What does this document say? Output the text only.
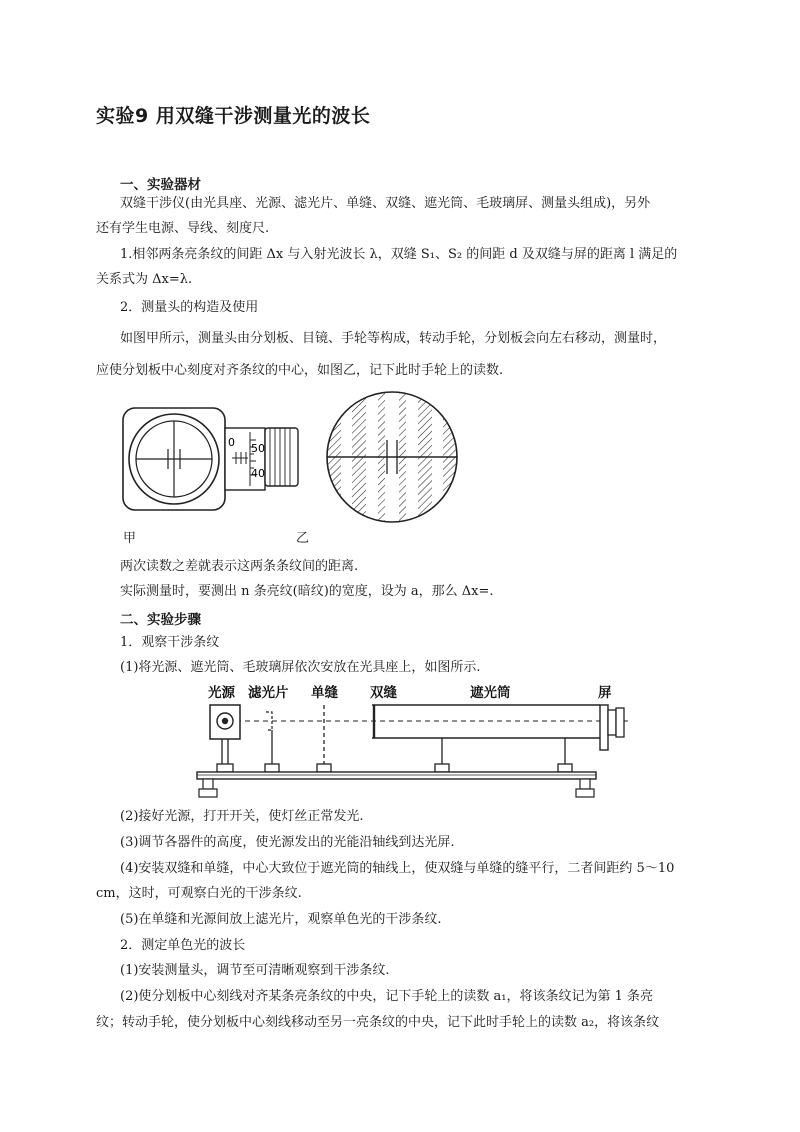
实验9 用双缝干涉测量光的波长
一、实验器材
双缝干涉仪(由光具座、光源、滤光片、单缝、双缝、遮光筒、毛玻璃屏、测量头组成)，另外
还有学生电源、导线、刻度尺.
1.相邻两条亮条纹的间距 Δx 与入射光波长 λ，双缝 S₁、S₂ 的间距 d 及双缝与屏的距离 l 满足的
关系式为 Δx=λ.
2．测量头的构造及使用
如图甲所示，测量头由分划板、目镜、手轮等构成，转动手轮，分划板会向左右移动，测量时，
应使分划板中心刻度对齐条纹的中心，如图乙，记下此时手轮上的读数.
0 50
40
甲	乙
两次读数之差就表示这两条条纹间的距离.
实际测量时，要测出 n 条亮纹(暗纹)的宽度，设为 a，那么 Δx=.
二、实验步骤
1．观察干涉条纹
(1)将光源、遮光筒、毛玻璃屏依次安放在光具座上，如图所示.
光源 滤光片 单缝 双缝	遮光筒	屏
(2)接好光源，打开开关，使灯丝正常发光.
(3)调节各器件的高度，使光源发出的光能沿轴线到达光屏.
(4)安装双缝和单缝，中心大致位于遮光筒的轴线上，使双缝与单缝的缝平行，二者间距约 5～10
cm，这时，可观察白光的干涉条纹.
(5)在单缝和光源间放上滤光片，观察单色光的干涉条纹.
2．测定单色光的波长
(1)安装测量头，调节至可清晰观察到干涉条纹.
(2)使分划板中心刻线对齐某条亮条纹的中央，记下手轮上的读数 a₁，将该条纹记为第 1 条亮
纹；转动手轮，使分划板中心刻线移动至另一亮条纹的中央，记下此时手轮上的读数 a₂，将该条纹
